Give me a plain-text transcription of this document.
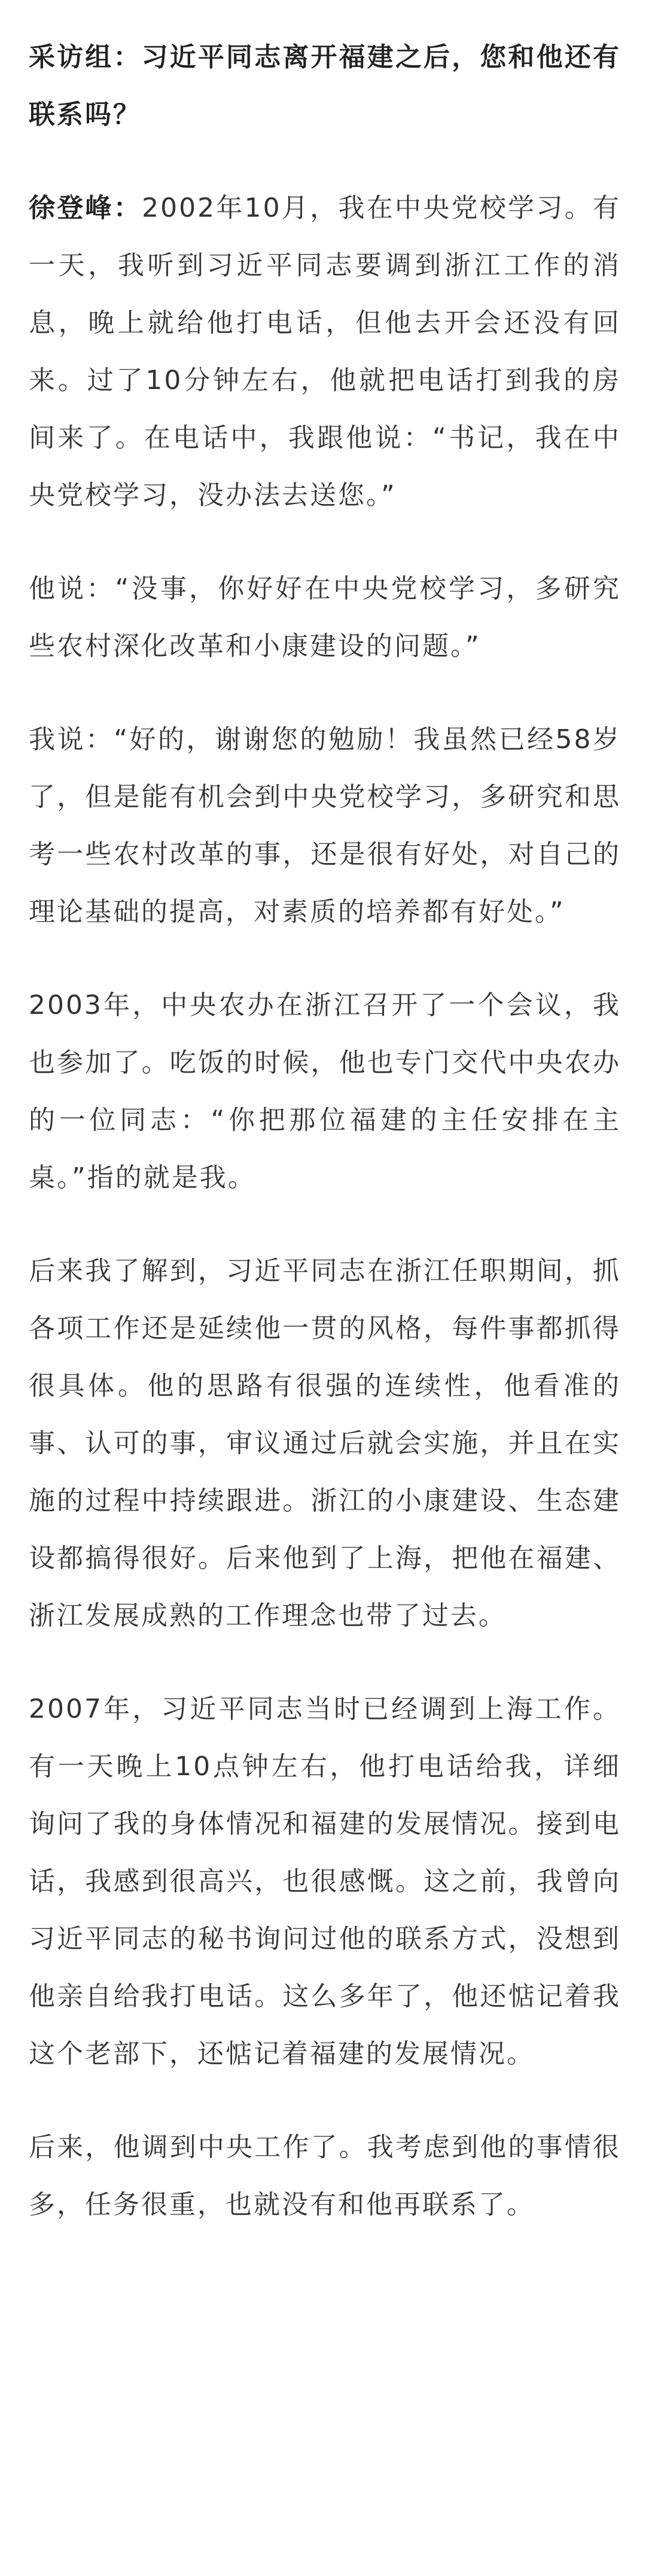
采访组：习近平同志离开福建之后，您和他还有联系吗？

徐登峰：2002年10月，我在中央党校学习。有一天，我听到习近平同志要调到浙江工作的消息，晚上就给他打电话，但他去开会还没有回来。过了10分钟左右，他就把电话打到我的房间来了。在电话中，我跟他说：“书记，我在中央党校学习，没办法去送您。”

他说：“没事，你好好在中央党校学习，多研究些农村深化改革和小康建设的问题。”

我说：“好的，谢谢您的勉励！我虽然已经58岁了，但是能有机会到中央党校学习，多研究和思考一些农村改革的事，还是很有好处，对自己的理论基础的提高，对素质的培养都有好处。”

2003年，中央农办在浙江召开了一个会议，我也参加了。吃饭的时候，他也专门交代中央农办的一位同志：“你把那位福建的主任安排在主桌。”指的就是我。

后来我了解到，习近平同志在浙江任职期间，抓各项工作还是延续他一贯的风格，每件事都抓得很具体。他的思路有很强的连续性，他看准的事、认可的事，审议通过后就会实施，并且在实施的过程中持续跟进。浙江的小康建设、生态建设都搞得很好。后来他到了上海，把他在福建、浙江发展成熟的工作理念也带了过去。

2007年，习近平同志当时已经调到上海工作。有一天晚上10点钟左右，他打电话给我，详细询问了我的身体情况和福建的发展情况。接到电话，我感到很高兴，也很感慨。这之前，我曾向习近平同志的秘书询问过他的联系方式，没想到他亲自给我打电话。这么多年了，他还惦记着我这个老部下，还惦记着福建的发展情况。

后来，他调到中央工作了。我考虑到他的事情很多，任务很重，也就没有和他再联系了。
